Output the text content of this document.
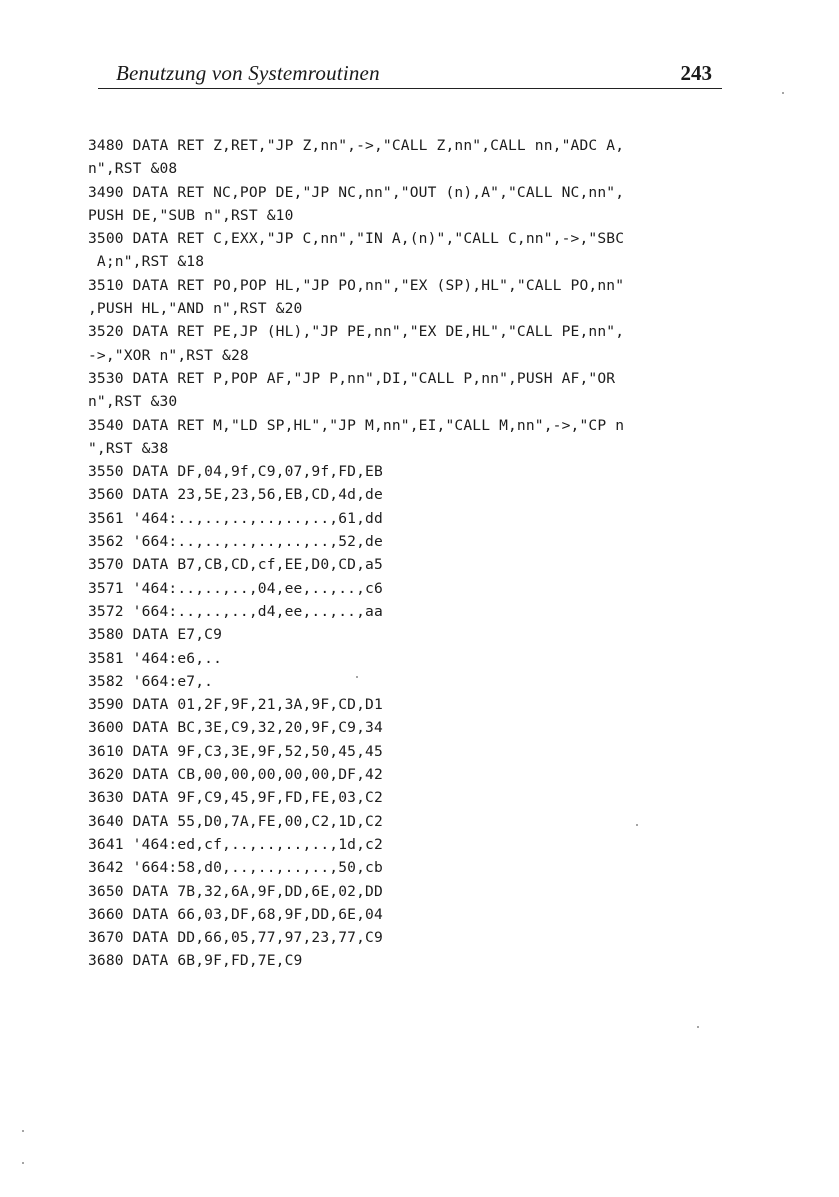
Benutzung von Systemroutinen	243
3480 DATA RET Z,RET,"JP Z,nn",->,"CALL Z,nn",CALL nn,"ADC A,
n",RST &08
3490 DATA RET NC,POP DE,"JP NC,nn","OUT (n),A","CALL NC,nn",
PUSH DE,"SUB n",RST &10
3500 DATA RET C,EXX,"JP C,nn","IN A,(n)","CALL C,nn",->,"SBC
A;n",RST &18
3510 DATA RET PO,POP HL,"JP PO,nn","EX (SP),HL","CALL PO,nn"
,PUSH HL,"AND n",RST &20
3520 DATA RET PE,JP (HL),"JP PE,nn","EX DE,HL","CALL PE,nn",
->,"XOR n",RST &28
3530 DATA RET P,POP AF,"JP P,nn",DI,"CALL P,nn",PUSH AF,"OR
n",RST &30
3540 DATA RET M,"LD SP,HL","JP M,nn",EI,"CALL M,nn",->,"CP n
",RST &38
3550 DATA DF,04,9f,C9,07,9f,FD,EB
3560 DATA 23,5E,23,56,EB,CD,4d,de
3561 '464:..,..,..,..,..,..,61,dd
3562 '664:..,..,..,..,..,..,52,de
3570 DATA B7,CB,CD,cf,EE,D0,CD,a5
3571 '464:..,..,..,04,ee,..,..,c6
3572 '664:..,..,..,d4,ee,..,..,aa
3580 DATA E7,C9
3581 '464:e6,..
3582 '664:e7,.
3590 DATA 01,2F,9F,21,3A,9F,CD,D1
3600 DATA BC,3E,C9,32,20,9F,C9,34
3610 DATA 9F,C3,3E,9F,52,50,45,45
3620 DATA CB,00,00,00,00,00,DF,42
3630 DATA 9F,C9,45,9F,FD,FE,03,C2
3640 DATA 55,D0,7A,FE,00,C2,1D,C2
3641 '464:ed,cf,..,..,..,..,1d,c2
3642 '664:58,d0,..,..,..,..,50,cb
3650 DATA 7B,32,6A,9F,DD,6E,02,DD
3660 DATA 66,03,DF,68,9F,DD,6E,04
3670 DATA DD,66,05,77,97,23,77,C9
3680 DATA 6B,9F,FD,7E,C9
